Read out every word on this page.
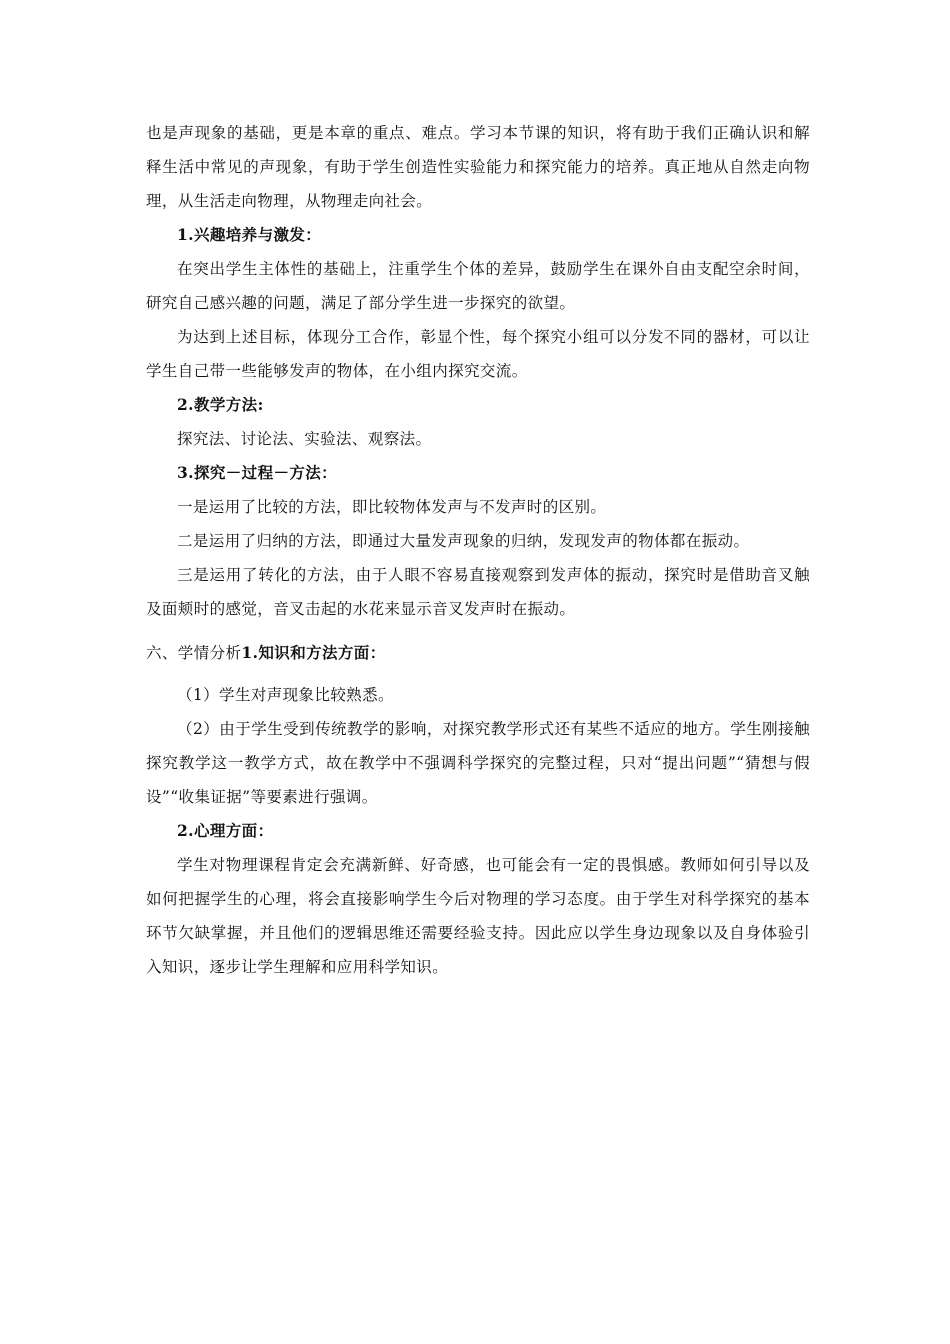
也是声现象的基础，更是本章的重点、难点。学习本节课的知识，将有助于我们正确认识和解释生活中常见的声现象，有助于学生创造性实验能力和探究能力的培养。真正地从自然走向物理，从生活走向物理，从物理走向社会。

1.兴趣培养与激发：

在突出学生主体性的基础上，注重学生个体的差异，鼓励学生在课外自由支配空余时间，研究自己感兴趣的问题，满足了部分学生进一步探究的欲望。

为达到上述目标，体现分工合作，彰显个性，每个探究小组可以分发不同的器材，可以让学生自己带一些能够发声的物体，在小组内探究交流。

2.教学方法:

探究法、讨论法、实验法、观察法。

3.探究－过程－方法：

一是运用了比较的方法，即比较物体发声与不发声时的区别。

二是运用了归纳的方法，即通过大量发声现象的归纳，发现发声的物体都在振动。

三是运用了转化的方法，由于人眼不容易直接观察到发声体的振动，探究时是借助音叉触及面颊时的感觉，音叉击起的水花来显示音叉发声时在振动。

六、学情分析1.知识和方法方面：

（1）学生对声现象比较熟悉。

（2）由于学生受到传统教学的影响，对探究教学形式还有某些不适应的地方。学生刚接触探究教学这一教学方式，故在教学中不强调科学探究的完整过程，只对“提出问题”“猜想与假设”“收集证据”等要素进行强调。

2.心理方面：

学生对物理课程肯定会充满新鲜、好奇感，也可能会有一定的畏惧感。教师如何引导以及如何把握学生的心理，将会直接影响学生今后对物理的学习态度。由于学生对科学探究的基本环节欠缺掌握，并且他们的逻辑思维还需要经验支持。因此应以学生身边现象以及自身体验引入知识，逐步让学生理解和应用科学知识。
